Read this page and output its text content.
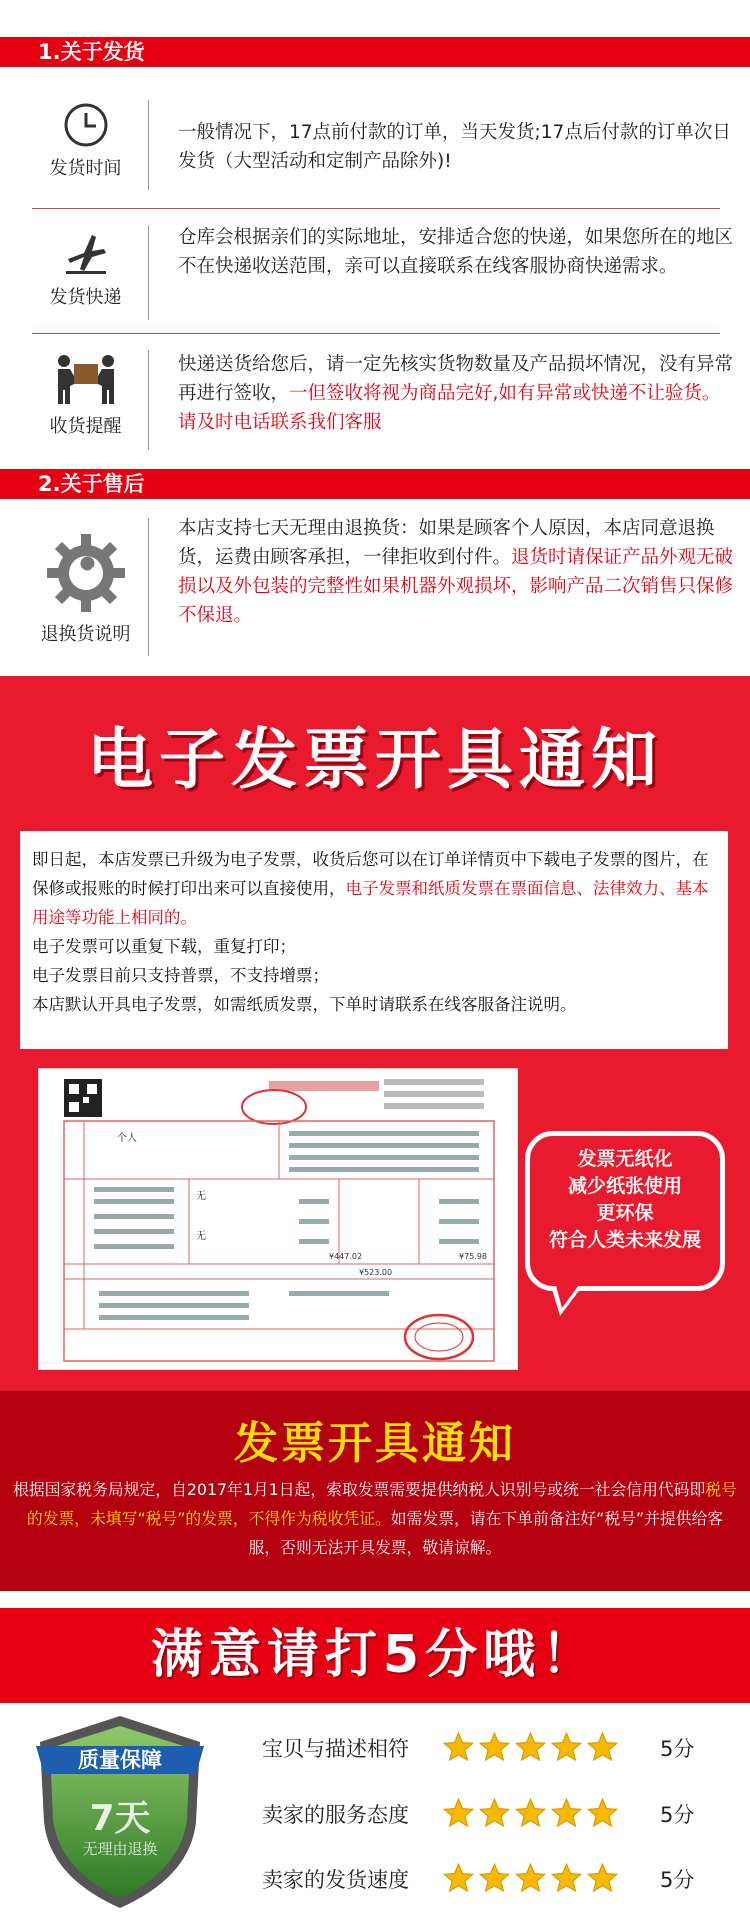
1.关于发货
发货时间
一般情况下，17点前付款的订单，当天发货;17点后付款的订单次日发货（大型活动和定制产品除外)!
发货快递
仓库会根据亲们的实际地址，安排适合您的快递，如果您所在的地区不在快递收送范围，亲可以直接联系在线客服协商快递需求。
收货提醒
快递送货给您后，请一定先核实货物数量及产品损坏情况，没有异常再进行签收，一但签收将视为商品完好,如有异常或快递不让验货。请及时电话联系我们客服
2.关于售后
退换货说明
本店支持七天无理由退换货：如果是顾客个人原因，本店同意退换货，运费由顾客承担，一律拒收到付件。退货时请保证产品外观无破损以及外包装的完整性如果机器外观损坏，影响产品二次销售只保修不保退。
电子发票开具通知
即日起，本店发票已升级为电子发票，收货后您可以在订单详情页中下载电子发票的图片，在保修或报账的时候打印出来可以直接使用，电子发票和纸质发票在票面信息、法律效力、基本用途等功能上相同的。
电子发票可以重复下载，重复打印；
电子发票目前只支持普票，不支持增票；
本店默认开具电子发票，如需纸质发票，下单时请联系在线客服备注说明。
个人
无
无
¥447.02	¥75.98
¥523.00
发票无纸化
减少纸张使用
更环保
符合人类未来发展
发票开具通知
根据国家税务局规定，自2017年1月1日起，索取发票需要提供纳税人识别号或统一社会信用代码即税号的发票，未填写“税号”的发票，不得作为税收凭证。如需发票，请在下单前备注好“税号”并提供给客服，否则无法开具发票，敬请谅解。
满意请打5分哦！
质量保障
7天
无理由退换
宝贝与描述相符	5分
卖家的服务态度	5分
卖家的发货速度	5分
